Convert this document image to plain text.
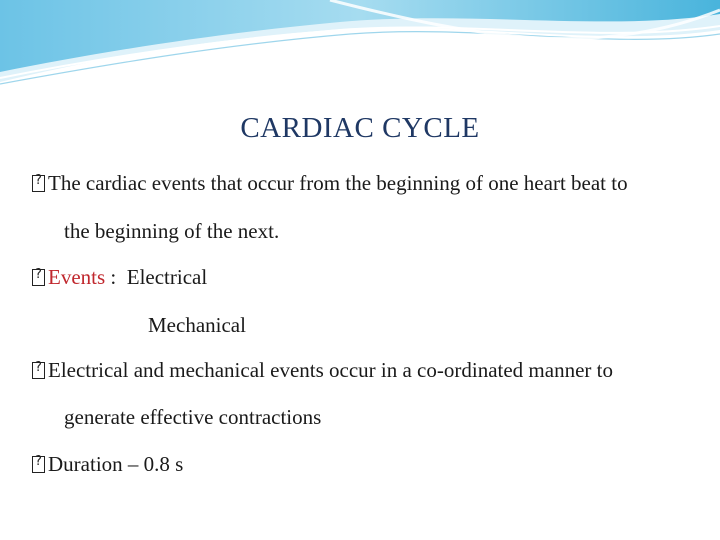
CARDIAC CYCLE
?The cardiac events that occur from the beginning of one heart beat to
the beginning of the next.
?Events :  Electrical
Mechanical
?Electrical and mechanical events occur in a co-ordinated manner to
generate effective contractions
?Duration – 0.8 s
